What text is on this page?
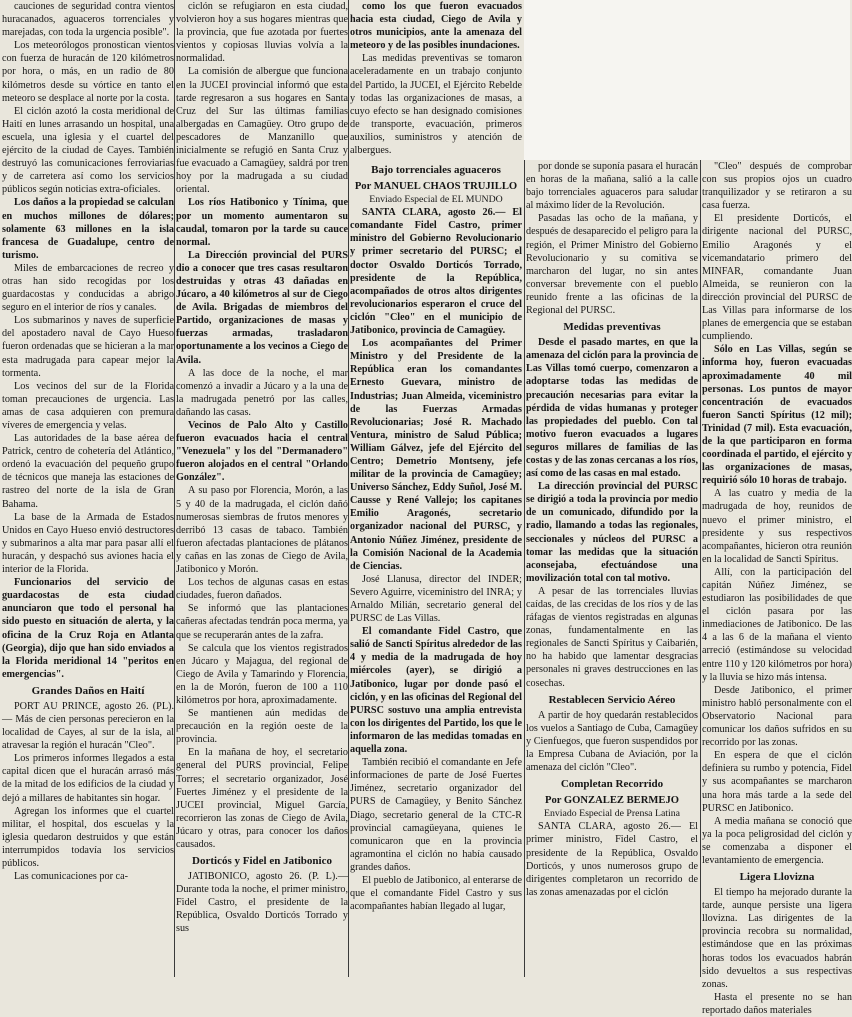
cauciones de seguridad contra vientos huracanados, aguaceros torrenciales y marejadas, con toda la urgencia posible".

Los meteorólogos pronostican vientos con fuerza de huracán de 120 kilómetros por hora, o más, en un radio de 80 kilómetros desde su vórtice en tanto el meteoro se desplace al norte por la costa.

El ciclón azotó la costa meridional de Haití en lunes arrasando un hospital, una escuela, una iglesia y el cuartel del ejército de la ciudad de Cayes. También destruyó las comunicaciones ferroviarias y de carretera así como los servicios públicos según noticias extra-oficiales.

Los daños a la propiedad se calculan en muchos millones de dólares; solamente 63 millones en la isla francesa de Guadalupe, centro de turismo.

Miles de embarcaciones de recreo y otras han sido recogidas por los guardacostas y conducidas a abrigo seguro en el interior de ríos y canales.

Los submarinos y naves de superficie del apostadero naval de Cayo Hueso fueron ordenadas que se hicieran a la mar esta madrugada para capear mejor la tormenta.

Los vecinos del sur de la Florida toman precauciones de urgencia. Las amas de casa adquieren con premura víveres de emergencia y velas.

Las autoridades de la base aérea de Patrick, centro de cohetería del Atlántico, ordenó la evacuación del pequeño grupo de técnicos que maneja las estaciones de rastreo del norte de la isla de Gran Bahama.

La base de la Armada de Estados Unidos en Cayo Hueso envió destructores y submarinos a alta mar para pasar allí el huracán, y despachó sus aviones hacia el interior de la Florida.

Funcionarios del servicio de guardacostas de esta ciudad anunciaron que todo el personal ha sido puesto en situación de alerta, y la oficina de la Cruz Roja en Atlanta (Georgia), dijo que han sido enviados a la Florida meridional 14 "peritos en emergencias".

Grandes Daños en Haití

PORT AU PRINCE, agosto 26. (PL).— Más de cien personas perecieron en la localidad de Cayes, al sur de la isla, al atravesar la región el huracán "Cleo".

Los primeros informes llegados a esta capital dicen que el huracán arrasó más de la mitad de los edificios de la ciudad y dejó a millares de habitantes sin hogar.

Agregan los informes que el cuartel militar, el hospital, dos escuelas y la iglesia quedaron destruidos y que están interrumpidos todavía los servicios públicos.

Las comunicaciones por ca-

ciclón se refugiaron en esta ciudad, volvieron hoy a sus hogares mientras que la provincia, que fue azotada por fuertes vientos y copiosas lluvias volvía a la normalidad.

La comisión de albergue que funciona en la JUCEI provincial informó que esta tarde regresaron a sus hogares en Santa Cruz del Sur las últimas familias albergadas en Camagüey. Otro grupo de pescadores de Manzanillo que inicialmente se refugió en Santa Cruz y fue evacuado a Camagüey, saldrá por tren hoy por la madrugada a su ciudad oriental.

Los ríos Hatibonico y Tínima, que por un momento aumentaron su caudal, tomaron por la tarde su cauce normal.

La Dirección provincial del PURS dio a conocer que tres casas resultaron destruidas y otras 43 dañadas en Júcaro, a 40 kilómetros al sur de Ciego de Avila. Brigadas de miembros del Partido, organizaciones de masas y fuerzas armadas, trasladaron oportunamente a los vecinos a Ciego de Avila.

A las doce de la noche, el mar comenzó a invadir a Júcaro y a la una de la madrugada penetró por las calles, dañando las casas.

Vecinos de Palo Alto y Castillo fueron evacuados hacia el central "Venezuela" y los del "Dermanadero" fueron alojados en el central "Orlando González".

A su paso por Florencia, Morón, a las 5 y 40 de la madrugada, el ciclón dañó numerosas siembras de frutos menores y derribó 13 casas de tabaco. También fueron afectadas plantaciones de plátanos y cañas en las zonas de Ciego de Avila, Jatibonico y Morón.

Los techos de algunas casas en estas ciudades, fueron dañados.

Se informó que las plantaciones cañeras afectadas tendrán poca merma, ya que se recuperarán antes de la zafra.

Se calcula que los vientos registrados en Júcaro y Majagua, del regional de Ciego de Avila y Tamarindo y Florencia, en la de Morón, fueron de 100 a 110 kilómetros por hora, aproximadamente.

Se mantienen aún medidas de precaución en la región oeste de la provincia.

En la mañana de hoy, el secretario general del PURS provincial, Felipe Torres; el secretario organizador, José Fuertes Jiménez y el presidente de la JUCEI provincial, Miguel García, recorrieron las zonas de Ciego de Avila, Júcaro y otras, para conocer los daños causados.

Dorticós y Fidel en Jatibonico

JATIBONICO, agosto 26. (P. L).— Durante toda la noche, el primer ministro, Fidel Castro, el presidente de la República, Osvaldo Dorticós Torrado y sus

como los que fueron evacuados hacia esta ciudad, Ciego de Avila y otros municipios, ante la amenaza del meteoro y de las posibles inundaciones.

Las medidas preventivas se tomaron aceleradamente en un trabajo conjunto del Partido, la JUCEI, el Ejército Rebelde y todas las organizaciones de masas, a cuyo efecto se han designado comisiones de transporte, evacuación, primeros auxilios, suministros y atención de albergues.

Bajo torrenciales aguaceros

Por MANUEL CHAOS TRUJILLO

Enviado Especial de EL MUNDO

SANTA CLARA, agosto 26.— El comandante Fidel Castro, primer ministro del Gobierno Revolucionario y primer secretario del PURSC; el doctor Osvaldo Dorticós Torrado, presidente de la República, acompañados de otros altos dirigentes revolucionarios esperaron el cruce del ciclón "Cleo" en el municipio de Jatibonico, provincia de Camagüey.

Los acompañantes del Primer Ministro y del Presidente de la República eran los comandantes Ernesto Guevara, ministro de Industrias; Juan Almeida, viceministro de las Fuerzas Armadas Revolucionarias; José R. Machado Ventura, ministro de Salud Pública; William Gálvez, jefe del Ejército del Centro; Demetrio Montseny, jefe militar de la provincia de Camagüey; Universo Sánchez, Eddy Suñol, José M. Causse y René Vallejo; los capitanes Emilio Aragonés, secretario organizador nacional del PURSC, y Antonio Núñez Jiménez, presidente de la Comisión Nacional de la Academia de Ciencias.

José Llanusa, director del INDER; Severo Aguirre, viceministro del INRA; y Arnaldo Milián, secretario general del PURSC de Las Villas.

El comandante Fidel Castro, que salió de Sancti Spíritus alrededor de las 4 y media de la madrugada de hoy miércoles (ayer), se dirigió a Jatibonico, lugar por donde pasó el ciclón, y en las oficinas del Regional del PURSC sostuvo una amplia entrevista con los dirigentes del Partido, los que le informaron de las medidas tomadas en aquella zona.

También recibió el comandante en Jefe informaciones de parte de José Fuertes Jiménez, secretario organizador del PURS de Camagüey, y Benito Sánchez Diago, secretario general de la CTC-R provincial camagüeyana, quienes le comunicaron que en la provincia agramontina el ciclón no había causado grandes daños.

El pueblo de Jatibonico, al enterarse de que el comandante Fidel Castro y sus acompañantes habían llegado al lugar,

por donde se suponía pasara el huracán en horas de la mañana, salió a la calle bajo torrenciales aguaceros para saludar al máximo líder de la Revolución.

Pasadas las ocho de la mañana, y después de desaparecido el peligro para la región, el Primer Ministro del Gobierno Revolucionario y su comitiva se marcharon del lugar, no sin antes conversar brevemente con el pueblo reunido frente a las oficinas de la Regional del PURSC.

Medidas preventivas

Desde el pasado martes, en que la amenaza del ciclón para la provincia de Las Villas tomó cuerpo, comenzaron a adoptarse todas las medidas de precaución necesarias para evitar la pérdida de vidas humanas y proteger las propiedades del pueblo. Con tal motivo fueron evacuados a lugares seguros millares de familias de las costas y de las zonas cercanas a los ríos, así como de las casas en mal estado.

La dirección provincial del PURSC se dirigió a toda la provincia por medio de un comunicado, difundido por la radio, llamando a todas las regionales, seccionales y núcleos del PURSC a tomar las medidas que la situación aconsejaba, efectuándose una movilización total con tal motivo.

A pesar de las torrenciales lluvias caídas, de las crecidas de los ríos y de las ráfagas de vientos registradas en algunas zonas, fundamentalmente en las regionales de Sancti Spíritus y Caibarién, no ha habido que lamentar desgracias personales ni graves destrucciones en las cosechas.

Restablecen Servicio Aéreo

A partir de hoy quedarán restablecidos los vuelos a Santiago de Cuba, Camagüey y Cienfuegos, que fueron suspendidos por la Empresa Cubana de Aviación, por la amenaza del ciclón "Cleo".

Completan Recorrido

Por GONZALEZ BERMEJO

Enviado Especial de Prensa Latina

SANTA CLARA, agosto 26.— El primer ministro, Fidel Castro, el presidente de la República, Osvaldo Dorticós, y unos numerosos grupo de dirigentes completaron un recorrido de las zonas amenazadas por el ciclón

"Cleo" después de comprobar con sus propios ojos un cuadro tranquilizador y se retiraron a su casa fuerza.

El presidente Dorticós, el dirigente nacional del PURSC, Emilio Aragonés y el vicemandatario primero del MINFAR, comandante Juan Almeida, se reunieron con la dirección provincial del PURSC de Las Villas para informarse de los planes de emergencia que se estaban cumpliendo.

Sólo en Las Villas, según se informa hoy, fueron evacuadas aproximadamente 40 mil personas. Los puntos de mayor concentración de evacuados fueron Sancti Spíritus (12 mil); Trinidad (7 mil). Esta evacuación, de la que participaron en forma coordinada el partido, el ejército y las organizaciones de masas, requirió sólo 10 horas de trabajo.

A las cuatro y media de la madrugada de hoy, reunidos de nuevo el primer ministro, el presidente y sus respectivos acompañantes, hicieron otra reunión en la localidad de Sancti Spíritus.

Allí, con la participación del capitán Núñez Jiménez, se estudiaron las posibilidades de que el ciclón pasara por las inmediaciones de Jatibonico. De las 4 a las 6 de la mañana el viento arreció (estimándose su velocidad entre 110 y 120 kilómetros por hora) y la lluvia se hizo más intensa.

Desde Jatibonico, el primer ministro habló personalmente con el Observatorio Nacional para comunicar los daños sufridos en su recorrido por las zonas.

En espera de que el ciclón definiera su rumbo y potencia, Fidel y sus acompañantes se marcharon una hora más tarde a la sede del PURSC en Jatibonico.

A media mañana se conoció que ya la poca peligrosidad del ciclón y se comenzaba a disponer el levantamiento de emergencia.

Ligera Llovizna

El tiempo ha mejorado durante la tarde, aunque persiste una ligera llovizna. Las dirigentes de la provincia recobra su normalidad, estimándose que en las próximas horas todos los evacuados habrán sido devueltos a sus respectivas zonas.

Hasta el presente no se han reportado daños materiales
